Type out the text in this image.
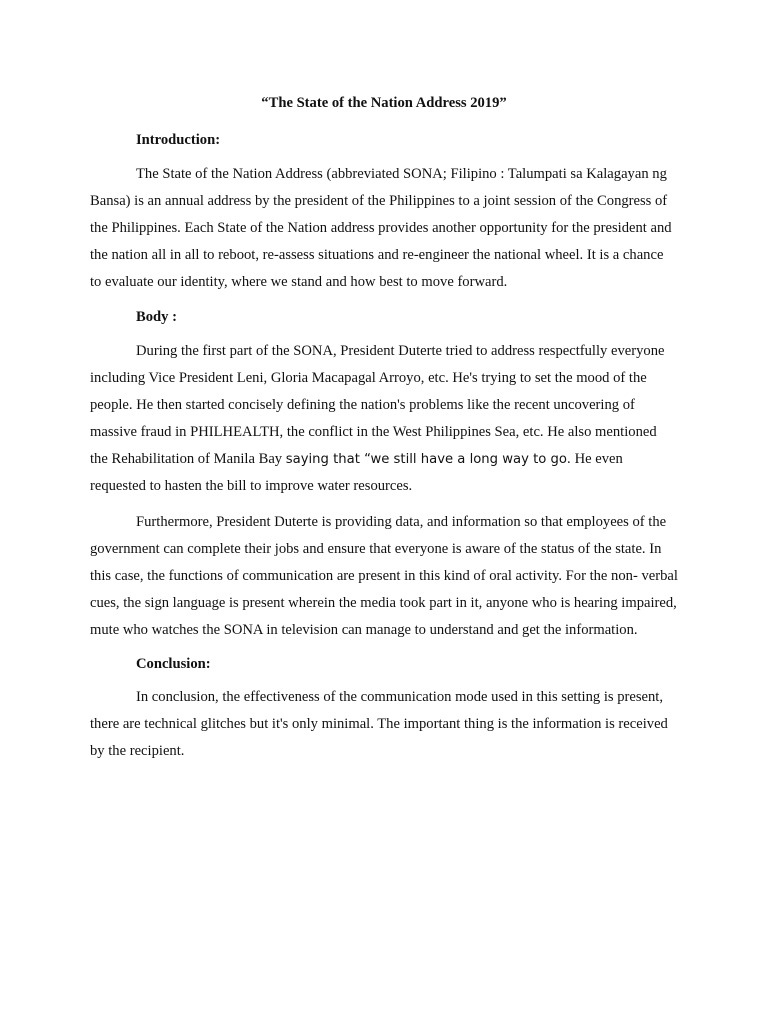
“The State of the Nation Address 2019”

Introduction:

The State of the Nation Address (abbreviated SONA; Filipino : Talumpati sa Kalagayan ng Bansa) is an annual address by the president of the Philippines to a joint session of the Congress of the Philippines. Each State of the Nation address provides another opportunity for the president and the nation all in all to reboot, re-assess situations and re-engineer the national wheel. It is a chance to evaluate our identity, where we stand and how best to move forward.

Body :

During the first part of the SONA, President Duterte tried to address respectfully everyone including Vice President Leni, Gloria Macapagal Arroyo, etc. He's trying to set the mood of the people. He then started concisely defining the nation's problems like the recent uncovering of massive fraud in PHILHEALTH, the conflict in the West Philippines Sea, etc. He also mentioned the Rehabilitation of Manila Bay saying that “we still have a long way to go. He even requested to hasten the bill to improve water resources.

Furthermore, President Duterte is providing data, and information so that employees of the government can complete their jobs and ensure that everyone is aware of the status of the state. In this case, the functions of communication are present in this kind of oral activity. For the non- verbal cues, the sign language is present wherein the media took part in it, anyone who is hearing impaired, mute who watches the SONA in television can manage to understand and get the information.

Conclusion:

In conclusion, the effectiveness of the communication mode used in this setting is present, there are technical glitches but it's only minimal. The important thing is the information is received by the recipient.
